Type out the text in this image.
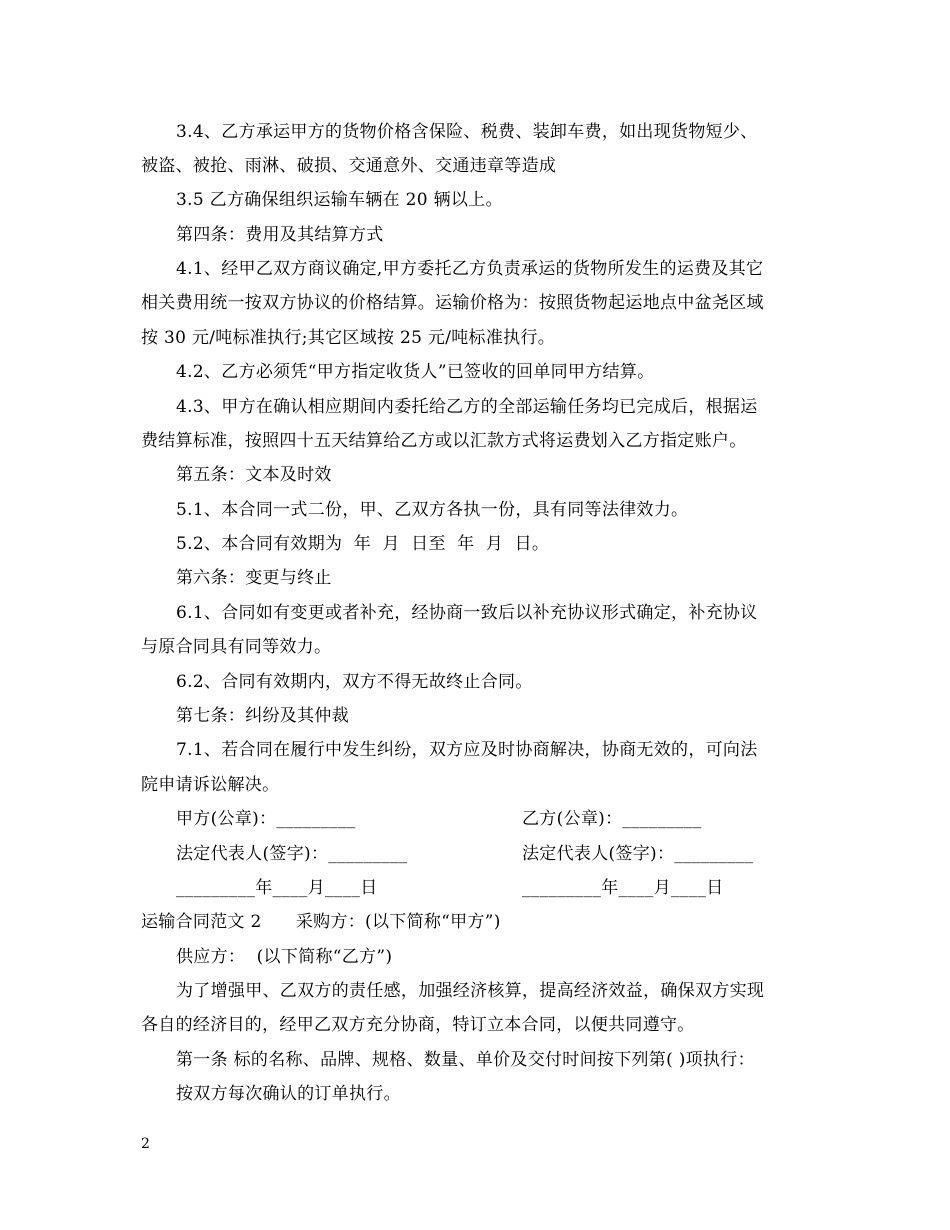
3.4、乙方承运甲方的货物价格含保险、税费、装卸车费，如出现货物短少、
被盗、被抢、雨淋、破损、交通意外、交通违章等造成
3.5 乙方确保组织运输车辆在 20 辆以上。
第四条：费用及其结算方式
4.1、经甲乙双方商议确定,甲方委托乙方负责承运的货物所发生的运费及其它
相关费用统一按双方协议的价格结算。运输价格为：按照货物起运地点中盆尧区域
按 30 元/吨标准执行;其它区域按 25 元/吨标准执行。
4.2、乙方必须凭“甲方指定收货人”已签收的回单同甲方结算。
4.3、甲方在确认相应期间内委托给乙方的全部运输任务均已完成后，根据运
费结算标准，按照四十五天结算给乙方或以汇款方式将运费划入乙方指定账户。
第五条：文本及时效
5.1、本合同一式二份，甲、乙双方各执一份，具有同等法律效力。
5.2、本合同有效期为  年  月  日至  年  月  日。
第六条：变更与终止
6.1、合同如有变更或者补充，经协商一致后以补充协议形式确定，补充协议
与原合同具有同等效力。
6.2、合同有效期内，双方不得无故终止合同。
第七条：纠纷及其仲裁
7.1、若合同在履行中发生纠纷，双方应及时协商解决，协商无效的，可向法
院申请诉讼解决。
甲方(公章)：_________	乙方(公章)：_________
法定代表人(签字)：_________	法定代表人(签字)：_________
_________年____月____日	_________年____月____日
运输合同范文 2      采购方：(以下简称“甲方”)
供应方：  (以下简称“乙方”)
为了增强甲、乙双方的责任感，加强经济核算，提高经济效益，确保双方实现
各自的经济目的，经甲乙双方充分协商，特订立本合同，以便共同遵守。
第一条 标的名称、品牌、规格、数量、单价及交付时间按下列第( )项执行：
按双方每次确认的订单执行。
2
